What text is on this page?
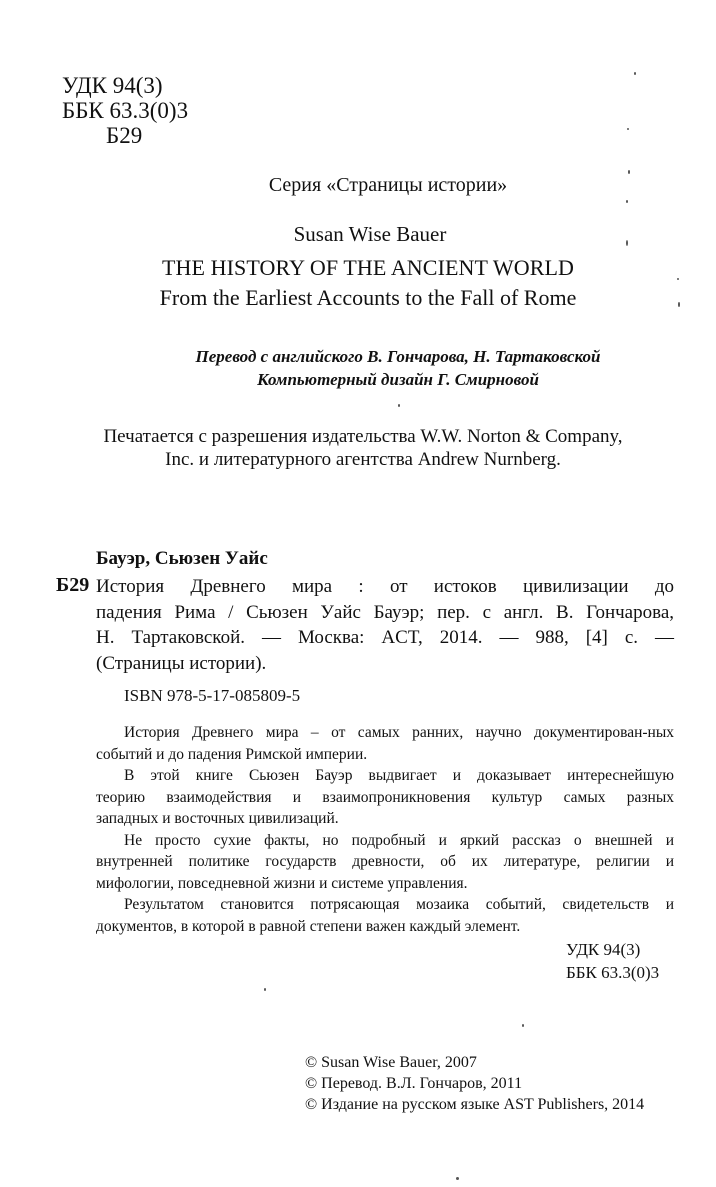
УДК 94(3)
ББК 63.3(0)3
Б29
Серия «Страницы истории»
Susan Wise Bauer
THE HISTORY OF THE ANCIENT WORLD
From the Earliest Accounts to the Fall of Rome
Перевод с английского В. Гончарова, Н. Тартаковской
Компьютерный дизайн Г. Смирновой
Печатается с разрешения издательства W.W. Norton & Company,
Inc. и литературного агентства Andrew Nurnberg.
Бауэр, Сьюзен Уайс
Б29 История Древнего мира : от истоков цивилизации до
падения Рима / Сьюзен Уайс Бауэр; пер. с англ. В. Гончарова,
Н. Тартаковской. — Москва: ACT, 2014. — 988, [4] с. —
(Страницы истории).
ISBN 978-5-17-085809-5
История Древнего мира – от самых ранних, научно документирован-ных
событий и до падения Римской империи.
В этой книге Сьюзен Бауэр выдвигает и доказывает интереснейшую
теорию взаимодействия и взаимопроникновения культур самых разных
западных и восточных цивилизаций.
Не просто сухие факты, но подробный и яркий рассказ о внешней и
внутренней политике государств древности, об их литературе, религии и
мифологии, повседневной жизни и системе управления.
Результатом становится потрясающая мозаика событий, свидетельств и
документов, в которой в равной степени важен каждый элемент.
УДК 94(3)
ББК 63.3(0)3
© Susan Wise Bauer, 2007
© Перевод. В.Л. Гончаров, 2011
© Издание на русском языке AST Publishers, 2014
